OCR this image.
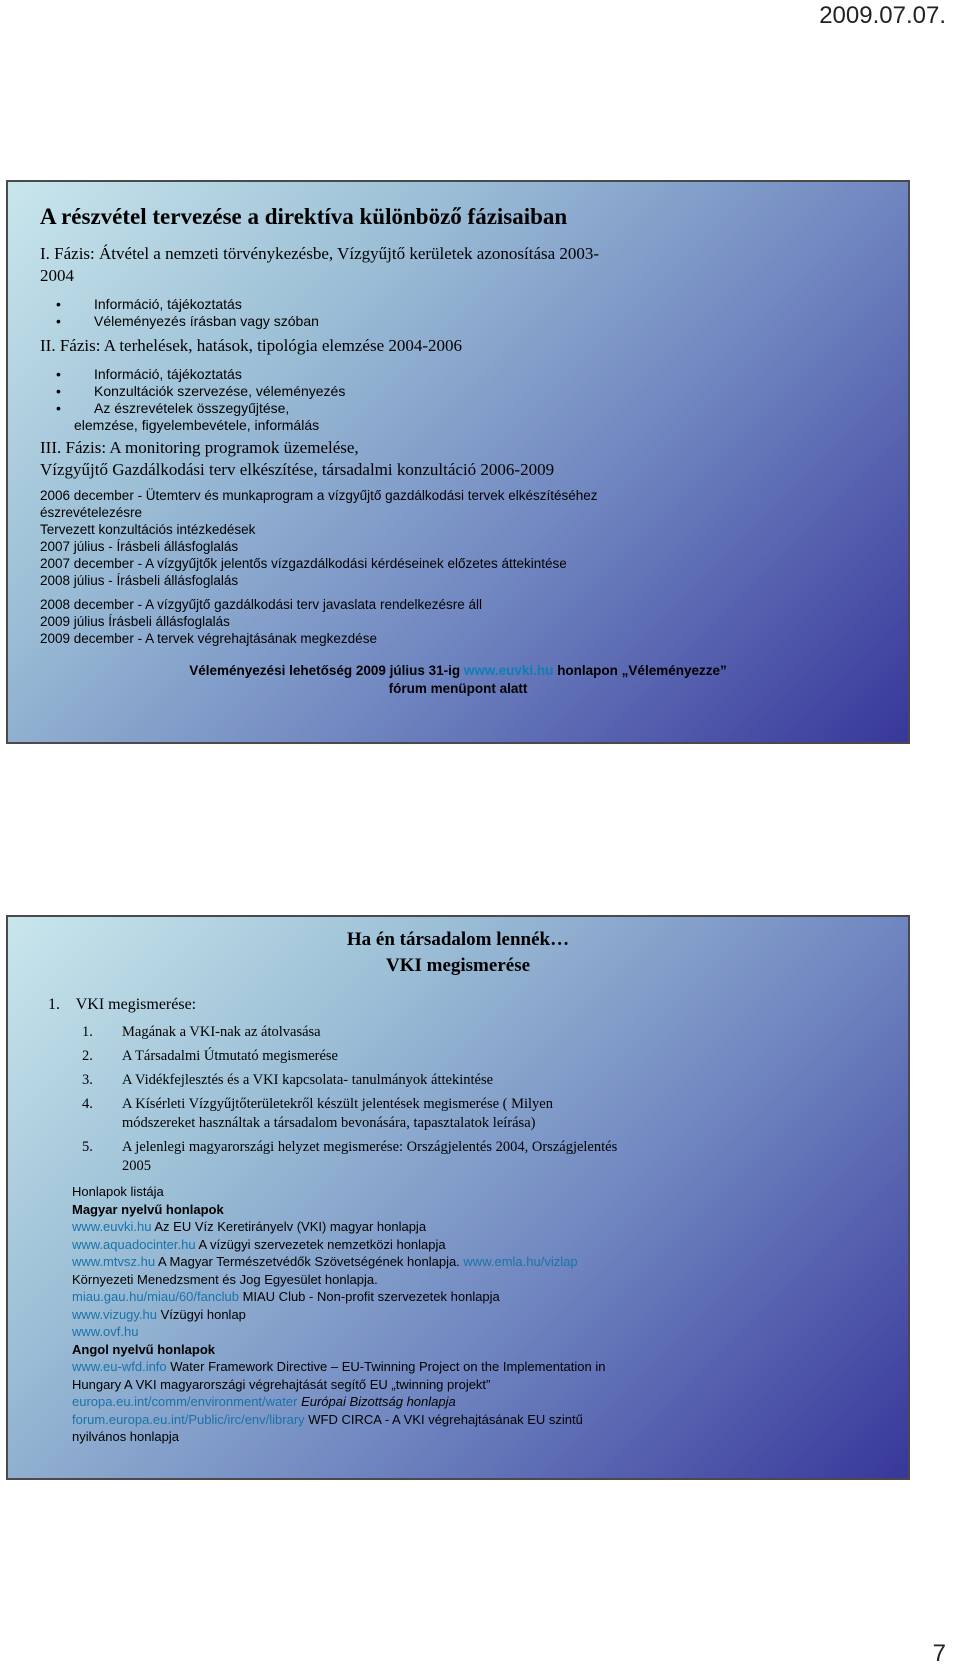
2009.07.07.
A részvétel tervezése a direktíva különböző fázisaiban
I. Fázis: Átvétel a nemzeti törvénykezésbe, Vízgyűjtő kerületek azonosítása 2003-
2004
• Információ, tájékoztatás
• Véleményezés írásban vagy szóban
II. Fázis: A terhelések, hatások, tipológia elemzése 2004-2006
• Információ, tájékoztatás
• Konzultációk szervezése, véleményezés
• Az észrevételek összegyűjtése,
elemzése, figyelembevétele, informálás
III. Fázis: A monitoring programok üzemelése,
Vízgyűjtő Gazdálkodási terv elkészítése, társadalmi konzultáció 2006-2009
2006 december - Ütemterv és munkaprogram a vízgyűjtő gazdálkodási tervek elkészítéséhez
észrevételezésre
Tervezett konzultációs intézkedések
2007 július - Írásbeli állásfoglalás
2007 december - A vízgyűjtők jelentős vízgazdálkodási kérdéseinek előzetes áttekintése
2008 július - Írásbeli állásfoglalás
2008 december - A vízgyűjtő gazdálkodási terv javaslata rendelkezésre áll
2009 július Írásbeli állásfoglalás
2009 december - A tervek végrehajtásának megkezdése
Véleményezési lehetőség 2009 július 31-ig www.euvki.hu honlapon „Véleményezze”
fórum menüpont alatt
Ha én társadalom lennék…
VKI megismerése
1.    VKI megismerése:
1. Magának a VKI-nak az átolvasása
2. A Társadalmi Útmutató megismerése
3. A Vidékfejlesztés és a VKI kapcsolata- tanulmányok áttekintése
4. A Kísérleti Vízgyűjtőterületekről készült jelentések megismerése ( Milyen
módszereket használtak a társadalom bevonására, tapasztalatok leírása)
5. A jelenlegi magyarországi helyzet megismerése: Országjelentés 2004, Országjelentés
2005
Honlapok listája
Magyar nyelvű honlapok
www.euvki.hu Az EU Víz Keretirányelv (VKI) magyar honlapja
www.aquadocinter.hu A vízügyi szervezetek nemzetközi honlapja
www.mtvsz.hu A Magyar Természetvédők Szövetségének honlapja. www.emla.hu/vizlap
Környezeti Menedzsment és Jog Egyesület honlapja.
miau.gau.hu/miau/60/fanclub MIAU Club - Non-profit szervezetek honlapja
www.vizugy.hu Vízügyi honlap
www.ovf.hu
Angol nyelvű honlapok
www.eu-wfd.info Water Framework Directive – EU-Twinning Project on the Implementation in
Hungary A VKI magyarországi végrehajtását segítő EU „twinning projekt”
europa.eu.int/comm/environment/water Európai Bizottság honlapja
forum.europa.eu.int/Public/irc/env/library WFD CIRCA - A VKI végrehajtásának EU szintű
nyilvános honlapja
7
